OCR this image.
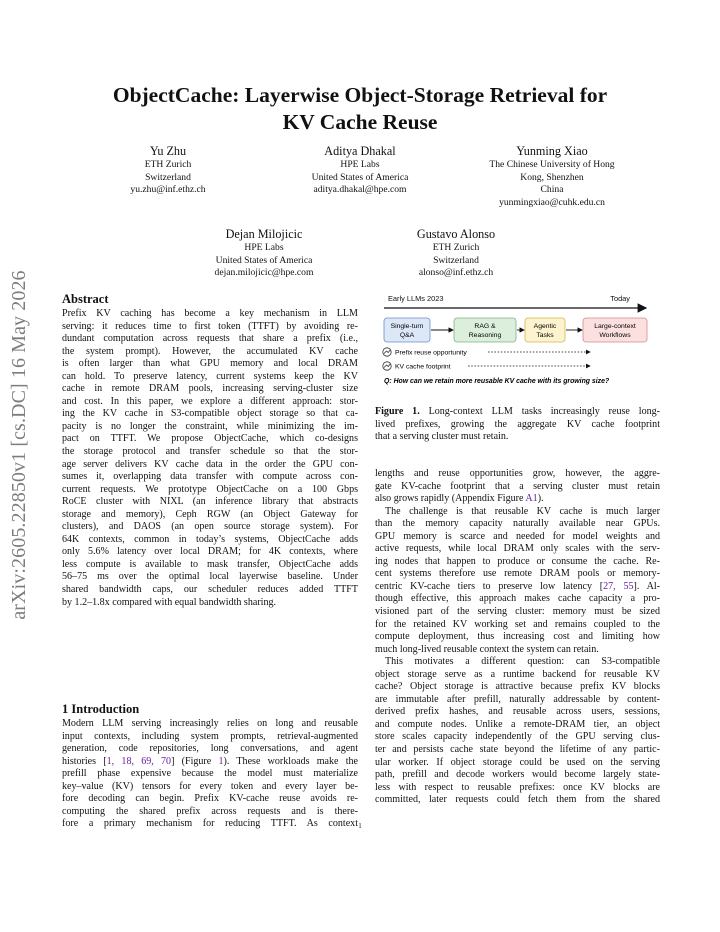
arXiv:2605.22850v1 [cs.DC] 16 May 2026
ObjectCache: Layerwise Object-Storage Retrieval for
KV Cache Reuse
Yu Zhu
ETH Zurich
Switzerland
yu.zhu@inf.ethz.ch
Aditya Dhakal
HPE Labs
United States of America
aditya.dhakal@hpe.com
Yunming Xiao
The Chinese University of Hong
Kong, Shenzhen
China
yunmingxiao@cuhk.edu.cn
Dejan Milojicic
HPE Labs
United States of America
dejan.milojicic@hpe.com
Gustavo Alonso
ETH Zurich
Switzerland
alonso@inf.ethz.ch
Abstract
Prefix KV caching has become a key mechanism in LLM
serving: it reduces time to first token (TTFT) by avoiding re-
dundant computation across requests that share a prefix (i.e.,
the system prompt). However, the accumulated KV cache
is often larger than what GPU memory and local DRAM
can hold. To preserve latency, current systems keep the KV
cache in remote DRAM pools, increasing serving-cluster size
and cost. In this paper, we explore a different approach: stor-
ing the KV cache in S3-compatible object storage so that ca-
pacity is no longer the constraint, while minimizing the im-
pact on TTFT. We propose ObjectCache, which co-designs
the storage protocol and transfer schedule so that the stor-
age server delivers KV cache data in the order the GPU con-
sumes it, overlapping data transfer with compute across con-
current requests. We prototype ObjectCache on a 100 Gbps
RoCE cluster with NIXL (an inference library that abstracts
storage and memory), Ceph RGW (an Object Gateway for
clusters), and DAOS (an open source storage system). For
64K contexts, common in today’s systems, ObjectCache adds
only 5.6% latency over local DRAM; for 4K contexts, where
less compute is available to mask transfer, ObjectCache adds
56–75 ms over the optimal local layerwise baseline. Under
shared bandwidth caps, our scheduler reduces added TTFT
by 1.2–1.8x compared with equal bandwidth sharing.
1 Introduction
Modern LLM serving increasingly relies on long and reusable
input contexts, including system prompts, retrieval-augmented
generation, code repositories, long conversations, and agent
histories [1, 18, 69, 70] (Figure 1). These workloads make the
prefill phase expensive because the model must materialize
key–value (KV) tensors for every token and every layer be-
fore decoding can begin. Prefix KV-cache reuse avoids re-
computing the shared prefix across requests and is there-
fore a primary mechanism for reducing TTFT. As context
Early LLMs 2023	Today
Single-turn
Q&A
RAG &
Reasoning
Agentic
Tasks
Large-context
Workflows
Prefix reuse opportunity
KV cache footprint
Q: How can we retain more reusable KV cache with its growing size?
Figure 1. Long-context LLM tasks increasingly reuse long-
lived prefixes, growing the aggregate KV cache footprint
that a serving cluster must retain.
lengths and reuse opportunities grow, however, the aggre-
gate KV-cache footprint that a serving cluster must retain
also grows rapidly (Appendix Figure A1).
The challenge is that reusable KV cache is much larger
than the memory capacity naturally available near GPUs.
GPU memory is scarce and needed for model weights and
active requests, while local DRAM only scales with the serv-
ing nodes that happen to produce or consume the cache. Re-
cent systems therefore use remote DRAM pools or memory-
centric KV-cache tiers to preserve low latency [27, 55]. Al-
though effective, this approach makes cache capacity a pro-
visioned part of the serving cluster: memory must be sized
for the retained KV working set and remains coupled to the
compute deployment, thus increasing cost and limiting how
much long-lived reusable context the system can retain.
This motivates a different question: can S3-compatible
object storage serve as a runtime backend for reusable KV
cache? Object storage is attractive because prefix KV blocks
are immutable after prefill, naturally addressable by content-
derived prefix hashes, and reusable across users, sessions,
and compute nodes. Unlike a remote-DRAM tier, an object
store scales capacity independently of the GPU serving clus-
ter and persists cache state beyond the lifetime of any partic-
ular worker. If object storage could be used on the serving
path, prefill and decode workers would become largely state-
less with respect to reusable prefixes: once KV blocks are
committed, later requests could fetch them from the shared
1
